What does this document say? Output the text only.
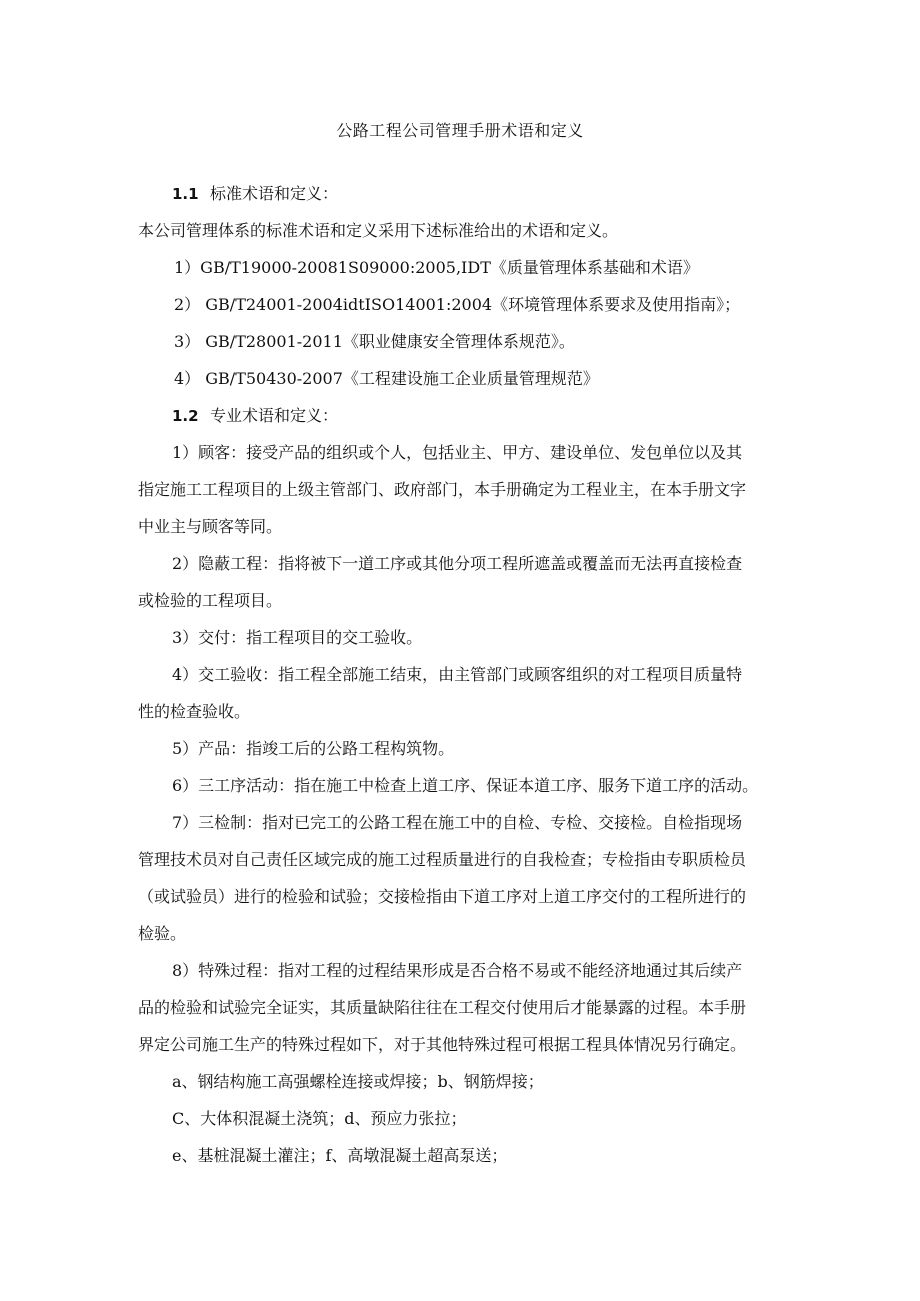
公路工程公司管理手册术语和定义
1.1 标准术语和定义：
本公司管理体系的标准术语和定义采用下述标准给出的术语和定义。
1）GB/T19000-20081S09000:2005,IDT《质量管理体系基础和术语》
2） GB/T24001-2004idtISO14001:2004《环境管理体系要求及使用指南》；
3） GB/T28001-2011《职业健康安全管理体系规范》。
4） GB/T50430-2007《工程建设施工企业质量管理规范》
1.2 专业术语和定义：
1）顾客：接受产品的组织或个人，包括业主、甲方、建设单位、发包单位以及其
指定施工工程项目的上级主管部门、政府部门，本手册确定为工程业主，在本手册文字
中业主与顾客等同。
2）隐蔽工程：指将被下一道工序或其他分项工程所遮盖或覆盖而无法再直接检查
或检验的工程项目。
3）交付：指工程项目的交工验收。
4）交工验收：指工程全部施工结束，由主管部门或顾客组织的对工程项目质量特
性的检查验收。
5）产品：指竣工后的公路工程构筑物。
6）三工序活动：指在施工中检查上道工序、保证本道工序、服务下道工序的活动。
7）三检制：指对已完工的公路工程在施工中的自检、专检、交接检。自检指现场
管理技术员对自己责任区域完成的施工过程质量进行的自我检查；专检指由专职质检员
（或试验员）进行的检验和试验；交接检指由下道工序对上道工序交付的工程所进行的
检验。
8）特殊过程：指对工程的过程结果形成是否合格不易或不能经济地通过其后续产
品的检验和试验完全证实，其质量缺陷往往在工程交付使用后才能暴露的过程。本手册
界定公司施工生产的特殊过程如下，对于其他特殊过程可根据工程具体情况另行确定。
a、钢结构施工高强螺栓连接或焊接；b、钢筋焊接；
C、大体积混凝土浇筑；d、预应力张拉；
e、基桩混凝土灌注；f、高墩混凝土超高泵送；
